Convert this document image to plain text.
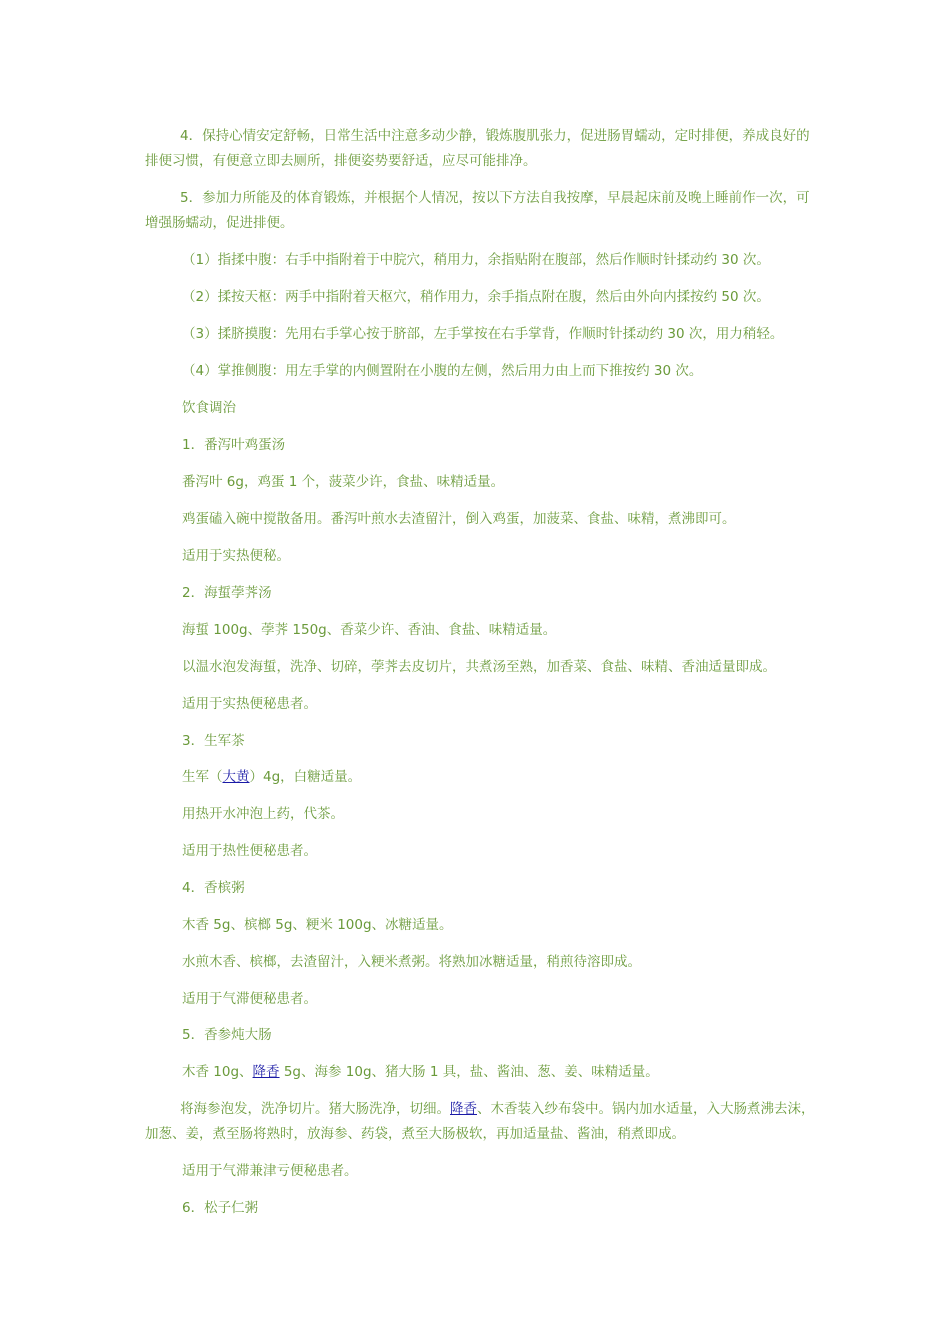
4．保持心情安定舒畅，日常生活中注意多动少静，锻炼腹肌张力，促进肠胃蠕动，定时排便，养成良好的排便习惯，有便意立即去厕所，排便姿势要舒适，应尽可能排净。
5．参加力所能及的体育锻炼，并根据个人情况，按以下方法自我按摩，早晨起床前及晚上睡前作一次，可增强肠蠕动，促进排便。
（1）指揉中腹：右手中指附着于中脘穴，稍用力，余指贴附在腹部，然后作顺时针揉动约 30 次。
（2）揉按天枢：两手中指附着天枢穴，稍作用力，余手指点附在腹，然后由外向内揉按约 50 次。
（3）揉脐摸腹：先用右手掌心按于脐部，左手掌按在右手掌背，作顺时针揉动约 30 次，用力稍轻。
（4）掌推侧腹：用左手掌的内侧置附在小腹的左侧，然后用力由上而下推按约 30 次。
饮食调治
1．番泻叶鸡蛋汤
番泻叶 6g，鸡蛋 1 个，菠菜少许，食盐、味精适量。
鸡蛋磕入碗中搅散备用。番泻叶煎水去渣留汁，倒入鸡蛋，加菠菜、食盐、味精，煮沸即可。
适用于实热便秘。
2．海蜇荸荠汤
海蜇 100g、荸荠 150g、香菜少许、香油、食盐、味精适量。
以温水泡发海蜇，洗净、切碎，荸荠去皮切片，共煮汤至熟，加香菜、食盐、味精、香油适量即成。
适用于实热便秘患者。
3．生军茶
生军（大黄）4g，白糖适量。
用热开水冲泡上药，代茶。
适用于热性便秘患者。
4．香槟粥
木香 5g、槟榔 5g、粳米 100g、冰糖适量。
水煎木香、槟榔，去渣留汁，入粳米煮粥。将熟加冰糖适量，稍煎待溶即成。
适用于气滞便秘患者。
5．香参炖大肠
木香 10g、降香 5g、海参 10g、猪大肠 1 具，盐、酱油、葱、姜、味精适量。
将海参泡发，洗净切片。猪大肠洗净，切细。降香、木香装入纱布袋中。锅内加水适量，入大肠煮沸去沫，加葱、姜，煮至肠将熟时，放海参、药袋，煮至大肠极软，再加适量盐、酱油，稍煮即成。
适用于气滞兼津亏便秘患者。
6．松子仁粥
